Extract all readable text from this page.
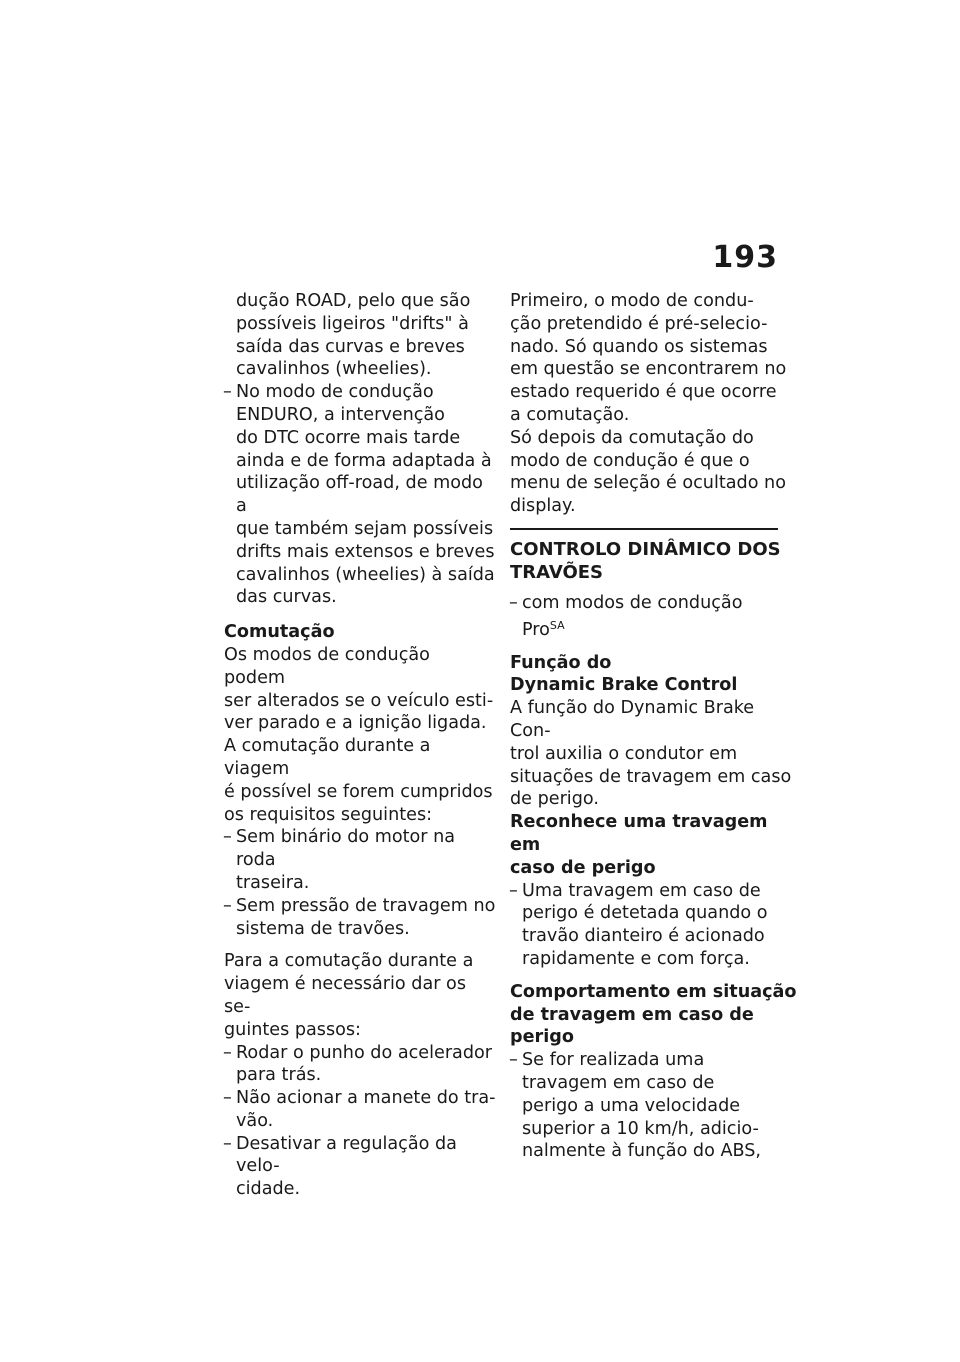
193

dução ROAD, pelo que são

possíveis ligeiros "drifts" à

saída das curvas e breves

cavalinhos (wheelies).

– No modo de condução

ENDURO, a intervenção

do DTC ocorre mais tarde

ainda e de forma adaptada à

utilização off-road, de modo a

que também sejam possíveis

drifts mais extensos e breves

cavalinhos (wheelies) à saída

das curvas.

Comutação

Os modos de condução podem

ser alterados se o veículo esti-

ver parado e a ignição ligada.

A comutação durante a viagem

é possível se forem cumpridos

os requisitos seguintes:

– Sem binário do motor na roda

traseira.

– Sem pressão de travagem no

sistema de travões.

Para a comutação durante a

viagem é necessário dar os se-

guintes passos:

– Rodar o punho do acelerador

para trás.

– Não acionar a manete do tra-

vão.

– Desativar a regulação da velo-

cidade.

Primeiro, o modo de condu-

ção pretendido é pré-selecio-

nado. Só quando os sistemas

em questão se encontrarem no

estado requerido é que ocorre

a comutação.

Só depois da comutação do

modo de condução é que o

menu de seleção é ocultado no

display.

CONTROLO DINÂMICO DOS
TRAVÕES
– com modos de condução

Pro$^{SA}$

Função do
Dynamic Brake Control

A função do Dynamic Brake Con-

trol auxilia o condutor em

situações de travagem em caso

de perigo.

Reconhece uma travagem em
caso de perigo
– Uma travagem em caso de

perigo é detetada quando o

travão dianteiro é acionado

rapidamente e com força.

Comportamento em situação
de travagem em caso de
perigo
– Se for realizada uma

travagem em caso de

perigo a uma velocidade

superior a 10 km/h, adicio-

nalmente à função do ABS,
